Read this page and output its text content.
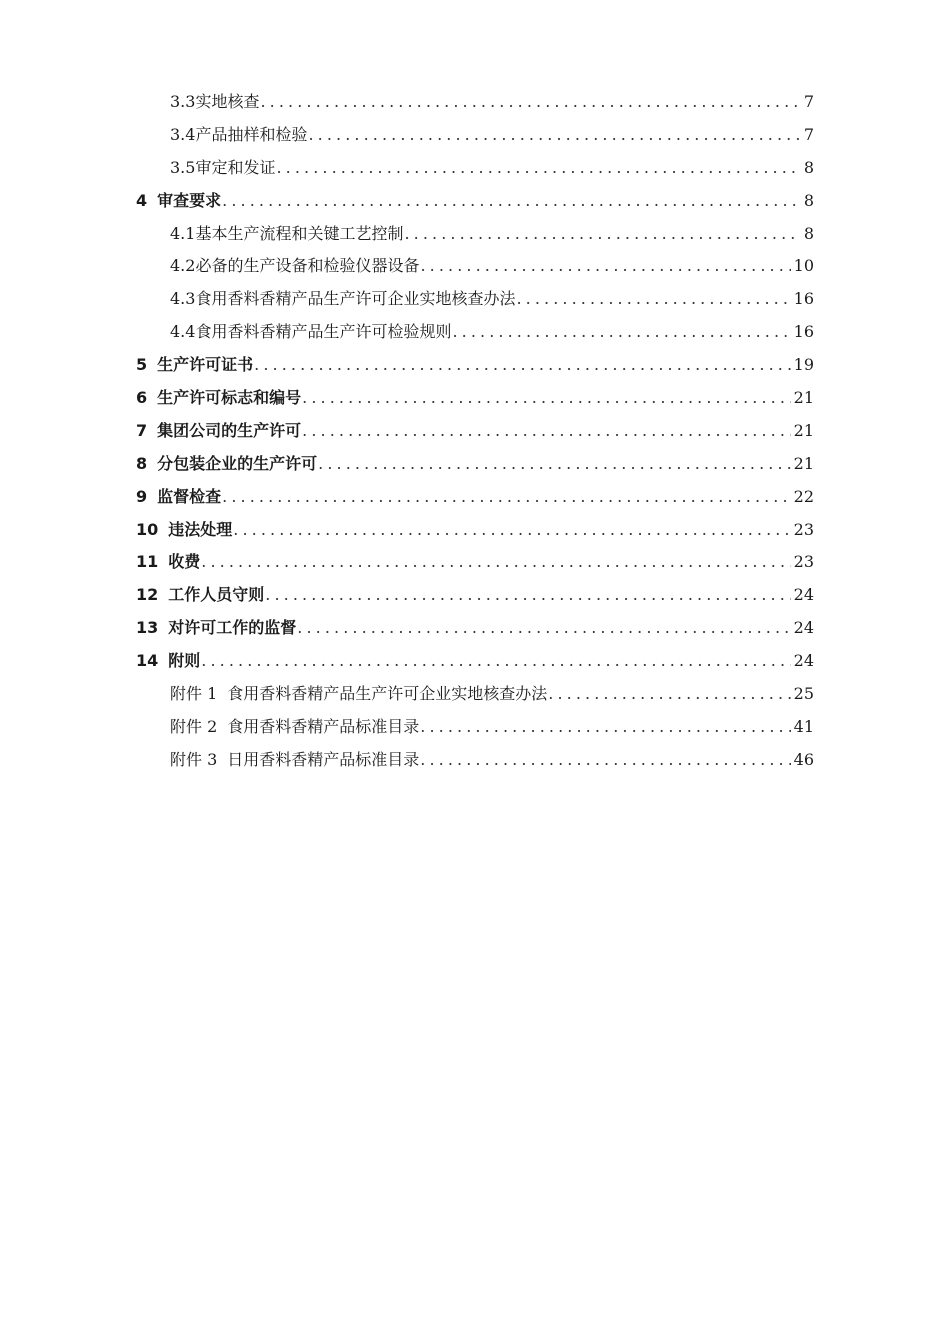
3.3 实地核查 .....	7
3.4 产品抽样和检验 .....	7
3.5 审定和发证 .....	8
4 审查要求 .....	8
4.1 基本生产流程和关键工艺控制 .....	8
4.2 必备的生产设备和检验仪器设备 .....	10
4.3 食用香料香精产品生产许可企业实地核查办法 .....	16
4.4 食用香料香精产品生产许可检验规则 .....	16
5 生产许可证书 .....	19
6 生产许可标志和编号 .....	21
7 集团公司的生产许可 .....	21
8 分包装企业的生产许可 .....	21
9 监督检查 .....	22
10 违法处理 .....	23
11 收费 .....	23
12 工作人员守则 .....	24
13 对许可工作的监督 .....	24
14 附则 .....	24
附件 1 食用香料香精产品生产许可企业实地核查办法 .....	25
附件 2 食用香料香精产品标准目录 .....	41
附件 3 日用香料香精产品标准目录 .....	46
